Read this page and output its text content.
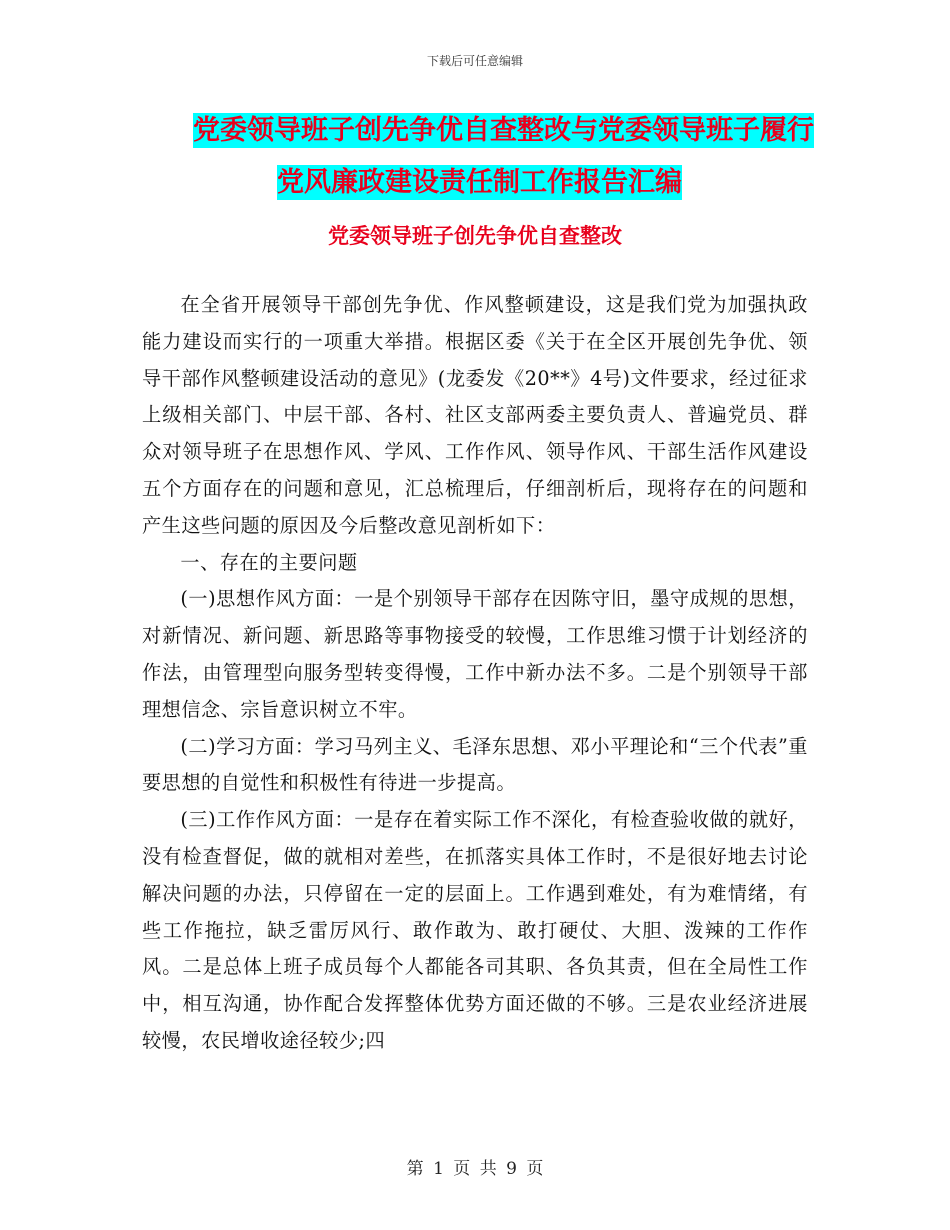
下载后可任意编辑
党委领导班子创先争优自查整改与党委领导班子履行
党风廉政建设责任制工作报告汇编
党委领导班子创先争优自查整改

在全省开展领导干部创先争优、作风整顿建设，这是我们党为加强执政能力建设而实行的一项重大举措。根据区委《关于在全区开展创先争优、领导干部作风整顿建设活动的意见》(龙委发《20**》4号)文件要求，经过征求上级相关部门、中层干部、各村、社区支部两委主要负责人、普遍党员、群众对领导班子在思想作风、学风、工作作风、领导作风、干部生活作风建设五个方面存在的问题和意见，汇总梳理后，仔细剖析后，现将存在的问题和产生这些问题的原因及今后整改意见剖析如下：

一、存在的主要问题

(一)思想作风方面：一是个别领导干部存在因陈守旧，墨守成规的思想，对新情况、新问题、新思路等事物接受的较慢，工作思维习惯于计划经济的作法，由管理型向服务型转变得慢，工作中新办法不多。二是个别领导干部理想信念、宗旨意识树立不牢。

(二)学习方面：学习马列主义、毛泽东思想、邓小平理论和“三个代表”重要思想的自觉性和积极性有待进一步提高。

(三)工作作风方面：一是存在着实际工作不深化，有检查验收做的就好，没有检查督促，做的就相对差些，在抓落实具体工作时，不是很好地去讨论解决问题的办法，只停留在一定的层面上。工作遇到难处，有为难情绪，有些工作拖拉，缺乏雷厉风行、敢作敢为、敢打硬仗、大胆、泼辣的工作作风。二是总体上班子成员每个人都能各司其职、各负其责，但在全局性工作中，相互沟通，协作配合发挥整体优势方面还做的不够。三是农业经济进展较慢，农民增收途径较少;四

第 1 页 共 9 页
